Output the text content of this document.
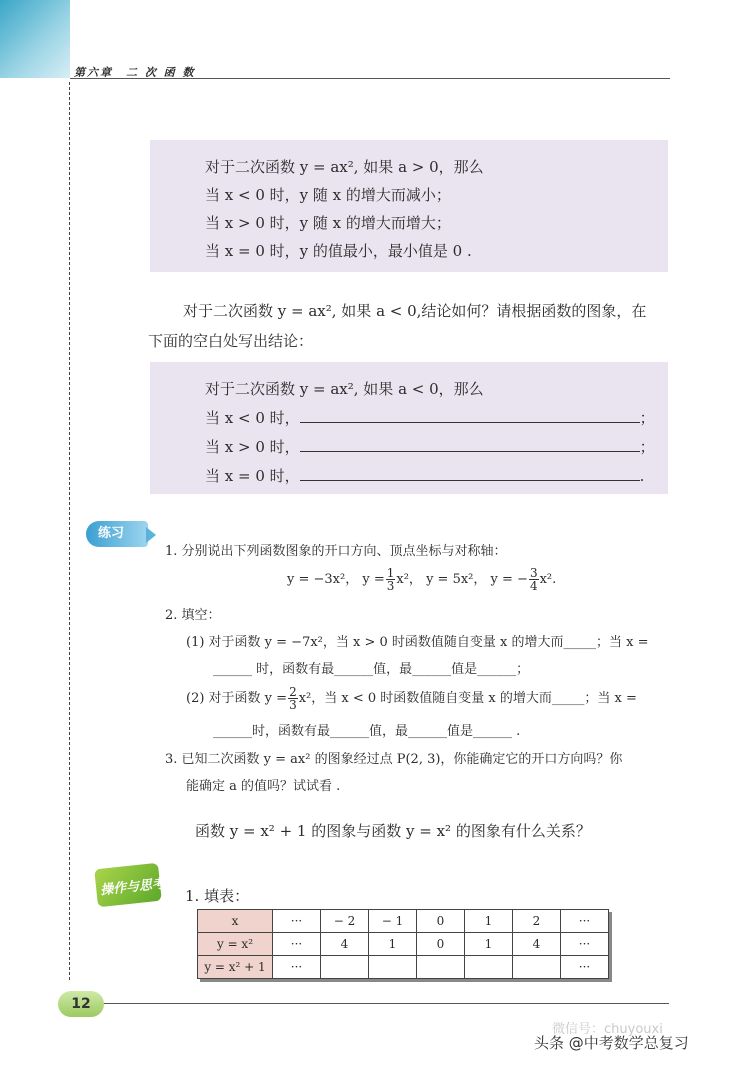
第六章　二 次 函 数
对于二次函数 y = ax², 如果 a > 0，那么
当 x < 0 时，y 随 x 的增大而减小；
当 x > 0 时，y 随 x 的增大而增大；
当 x = 0 时，y 的值最小，最小值是 0 .
对于二次函数 y = ax², 如果 a < 0,结论如何？请根据函数的图象，在
下面的空白处写出结论：
对于二次函数 y = ax², 如果 a < 0，那么
当 x < 0 时，	；
当 x > 0 时，	；
当 x = 0 时，	.
练习
1. 分别说出下列函数图象的开口方向、顶点坐标与对称轴：
y = −3x²， $y = \frac{1}{3} x^2$， y = 5x²， y = − $\frac{3}{4} x^2$.
2. 填空：
(1) 对于函数 y = −7x²，当 x > 0 时函数值随自变量 x 的增大而_____；当 x =
______ 时，函数有最______值，最______值是______；
(2) 对于函数 $y = \frac{2}{3} x^2$，当 x < 0 时函数值随自变量 x 的增大而_____；当 x =
______时，函数有最______值，最______值是______ .
3. 已知二次函数 y = ax² 的图象经过点 P(2, 3)，你能确定它的开口方向吗？你
能确定 a 的值吗？试试看 .
函数 y = x² + 1 的图象与函数 y = x² 的图象有什么关系？
操作与思考 1. 填表：
x	···	− 2	− 1	0	1	2	···
y = x²	···	4	1	0	1	4	···
y = x² + 1	···						···
12
微信号：chuyouxi
头条 @中考数学总复习
